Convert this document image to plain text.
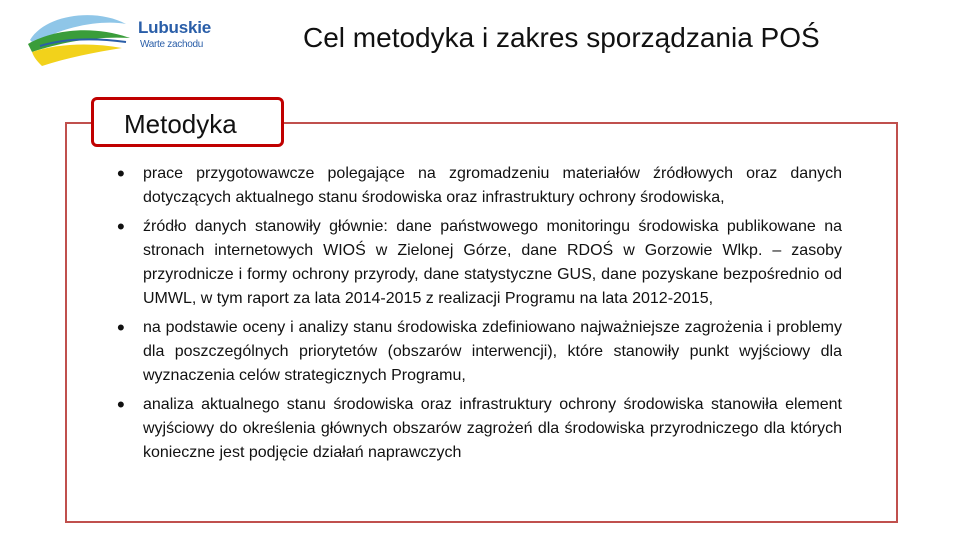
Lubuskie
Warte zachodu	Cel metodyka i zakres sporządzania POŚ
Metodyka
• prace przygotowawcze polegające na zgromadzeniu materiałów źródłowych oraz danych dotyczących aktualnego stanu środowiska oraz infrastruktury ochrony środowiska,
• źródło danych stanowiły głównie: dane państwowego monitoringu środowiska publikowane na stronach internetowych WIOŚ w Zielonej Górze, dane RDOŚ w Gorzowie Wlkp. – zasoby przyrodnicze i formy ochrony przyrody, dane statystyczne GUS, dane pozyskane bezpośrednio od UMWL, w tym raport za lata 2014-2015 z realizacji Programu na lata 2012-2015,
• na podstawie oceny i analizy stanu środowiska zdefiniowano najważniejsze zagrożenia i problemy dla poszczególnych priorytetów (obszarów interwencji), które stanowiły punkt wyjściowy dla wyznaczenia celów strategicznych Programu,
• analiza aktualnego stanu środowiska oraz infrastruktury ochrony środowiska stanowiła element wyjściowy do określenia głównych obszarów zagrożeń dla środowiska przyrodniczego dla których konieczne jest podjęcie działań naprawczych
